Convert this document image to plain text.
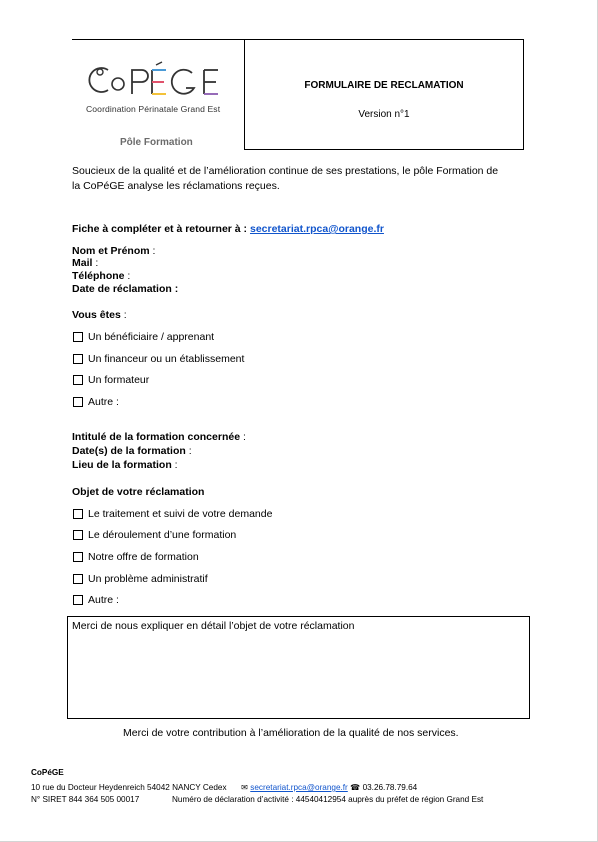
Coordination Périnatale Grand Est
Pôle Formation
FORMULAIRE DE RECLAMATION
Version n°1
Soucieux de la qualité et de l’amélioration continue de ses prestations, le pôle Formation de
la CoPéGE analyse les réclamations reçues.
Fiche à compléter et à retourner à : secretariat.rpca@orange.fr
Nom et Prénom :
Mail :
Téléphone :
Date de réclamation :
Vous êtes :
Un bénéficiaire / apprenant
Un financeur ou un établissement
Un formateur
Autre :
Intitulé de la formation concernée :
Date(s) de la formation :
Lieu de la formation :
Objet de votre réclamation
Le traitement et suivi de votre demande
Le déroulement d’une formation
Notre offre de formation
Un problème administratif
Autre :
Merci de nous expliquer en détail l’objet de votre réclamation
Merci de votre contribution à l’amélioration de la qualité de nos services.
CoPéGE
10 rue du Docteur Heydenreich 54042 NANCY Cedex ✉ secretariat.rpca@orange.fr ☎ 03.26.78.79.64
N° SIRET 844 364 505 00017	Numéro de déclaration d’activité : 44540412954 auprès du préfet de région Grand Est
